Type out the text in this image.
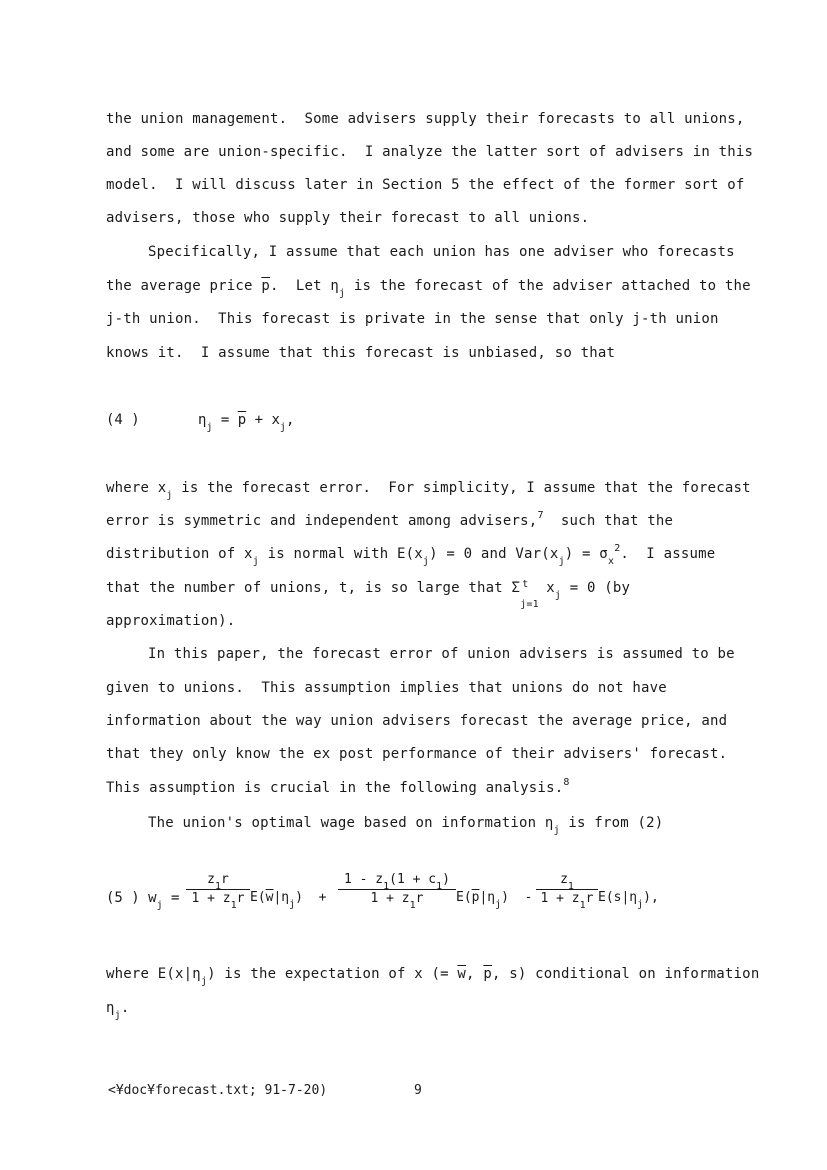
the union management.  Some advisers supply their forecasts to all unions,
and some are union-specific.  I analyze the latter sort of advisers in this
model.  I will discuss later in Section 5 the effect of the former sort of
advisers, those who supply their forecast to all unions.
Specifically, I assume that each union has one adviser who forecasts
the average price $\overline{p}$.  Let $\eta_j$ is the forecast of the adviser attached to the
j-th union.  This forecast is private in the sense that only j-th union
knows it.  I assume that this forecast is unbiased, so that
(4 )	$\eta_j = \overline{p} + x_j$,
where $x_j$ is the forecast error.  For simplicity, I assume that the forecast
error is symmetric and independent among advisers,$^7$  such that the
distribution of $x_j$ is normal with $E(x_j) = 0$ and $Var(x_j) = \sigma_x^2$.  I assume
that the number of unions, t, is so large that Σ t
j=1
$x_j = 0$ (by
approximation).
In this paper, the forecast error of union advisers is assumed to be
given to unions.  This assumption implies that unions do not have
information about the way union advisers forecast the average price, and
that they only know the ex post performance of their advisers' forecast.
This assumption is crucial in the following analysis.$^8$
The union's optimal wage based on information $\eta_j$ is from (2)
(5 ) $w_j$ =
$z_1r$
$1 + z_1r$ $E(\overline{w}|\eta_j)$  +
$1 - z_1(1 + c_1)$
$1 + z_1r$	$E(\overline{p}|\eta_j)$  -
$z_1$
$1 + z_1r$ $E(s|\eta_j)$,
where $E(x|\eta_j)$ is the expectation of x (= $\overline{w}$, $\overline{p}$, s) conditional on information
$\eta_j$.
<¥doc¥forecast.txt; 91-7-20)	9
